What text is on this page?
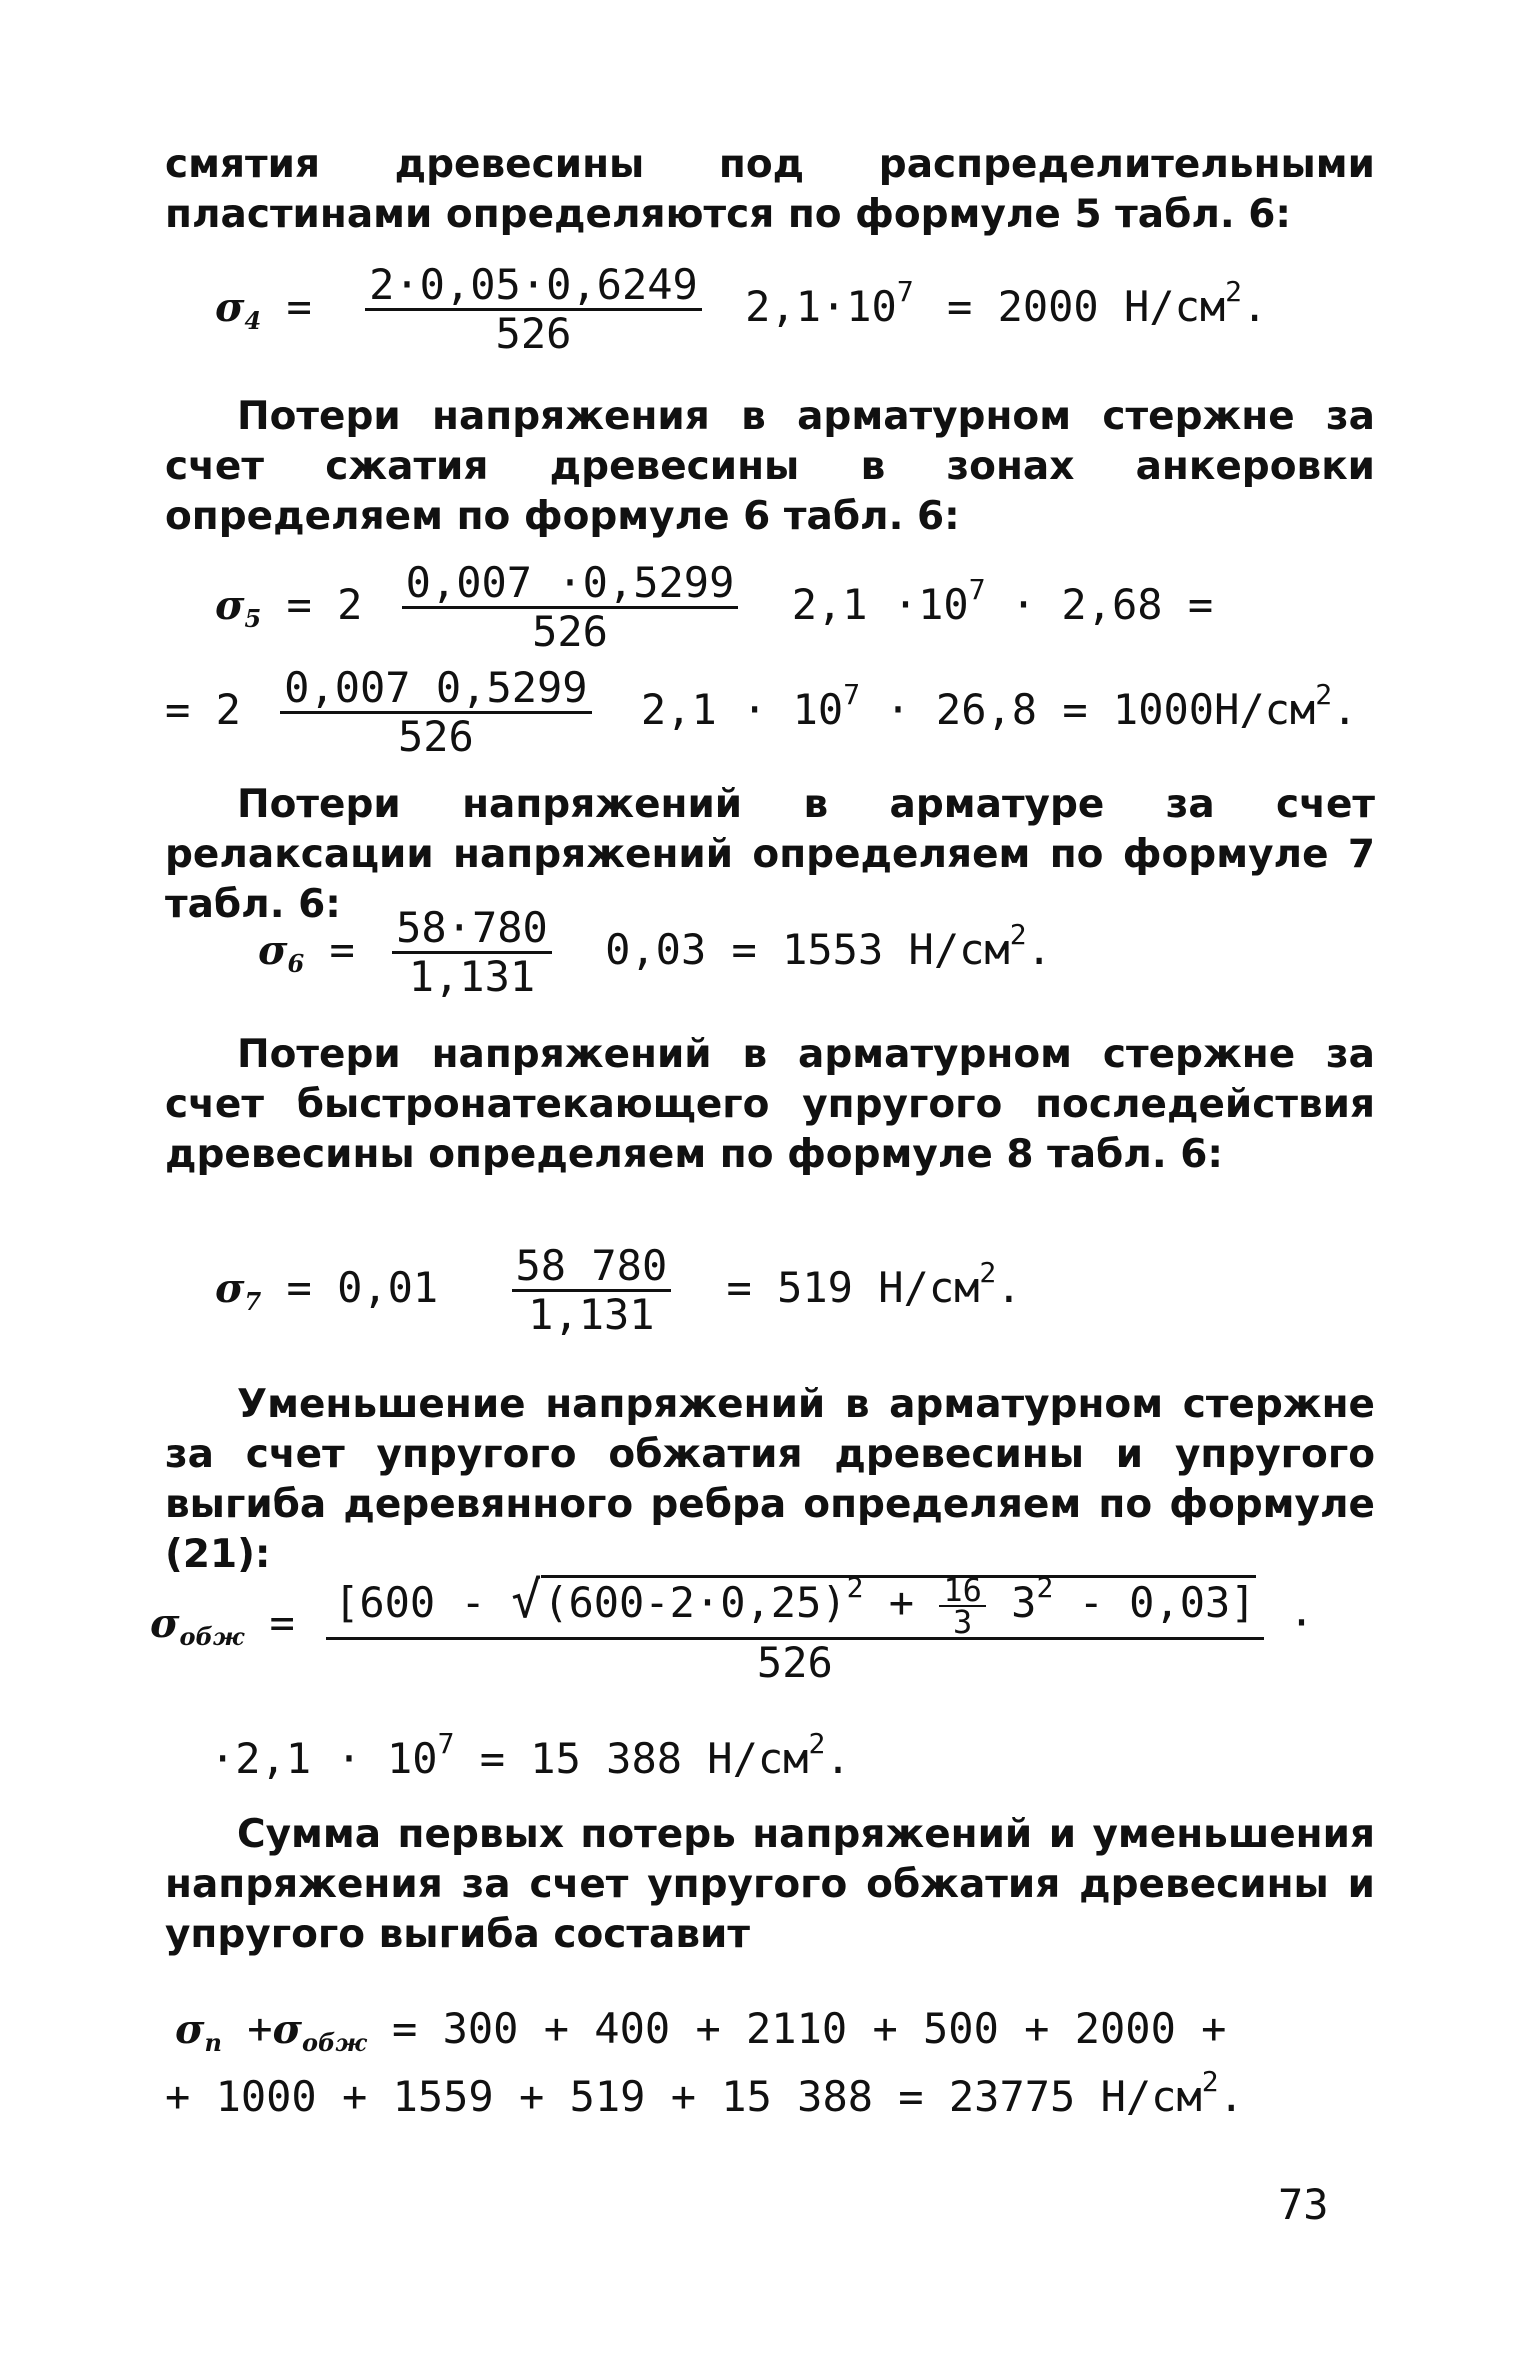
смятия древесины под распределительными пластинами определяются по формуле 5 табл. 6:

$\sigma_4 = \frac{2\cdot 0,05\cdot 0,6249}{526} 2,1\cdot 10^7 = 2000$ $Н/см^2$.

Потери напряжения в арматурном стержне за счет сжатия древесины в зонах анкеровки определяем по формуле 6 табл. 6:

$\sigma_5 = 2 \frac{0,007 \cdot 0,5299}{526} 2,1 \cdot 10^7 \cdot 2,68$ =
= $2 \frac{0,007 0,5299}{526} 2,1 \cdot 10^7 \cdot 26,8 = 1000Н/см^2$.

Потери напряжений в арматуре за счет релаксации напряжений определяем по формуле 7 табл. 6:

$\sigma_6 = \frac{58\cdot 780}{1,131} 0,03 = 1553$ $Н/см^2$.

Потери напряжений в арматурном стержне за счет быстронатекающего упругого последействия древесины определяем по формуле 8 табл. 6:

$\sigma_7 = 0,01 \frac{58 780}{1,131} = 519$ $Н/см^2$.

Уменьшение напряжений в арматурном стержне за счет упругого обжатия древесины и упругого выгиба деревянного ребра определяем по формуле (21):

$\sigma_{обж} = \frac{[600 - √(600-2\cdot 0,25)^2 + \frac{16}{3} 3^2 - 0,03]}{526}$ ·
$\cdot 2,1 \cdot 10^7 = 15$ 388 $Н/см^2$.

Сумма первых потерь напряжений и уменьшения напряжения за счет упругого обжатия древесины и упругого выгиба составит

$\sigma_п +\sigma_{обж} = 300 + 400 + 2110 + 500 + 2000$ +
+ 1000 + 1559 + 519 + 15 388 = 23775 $Н/см^2$.
73
